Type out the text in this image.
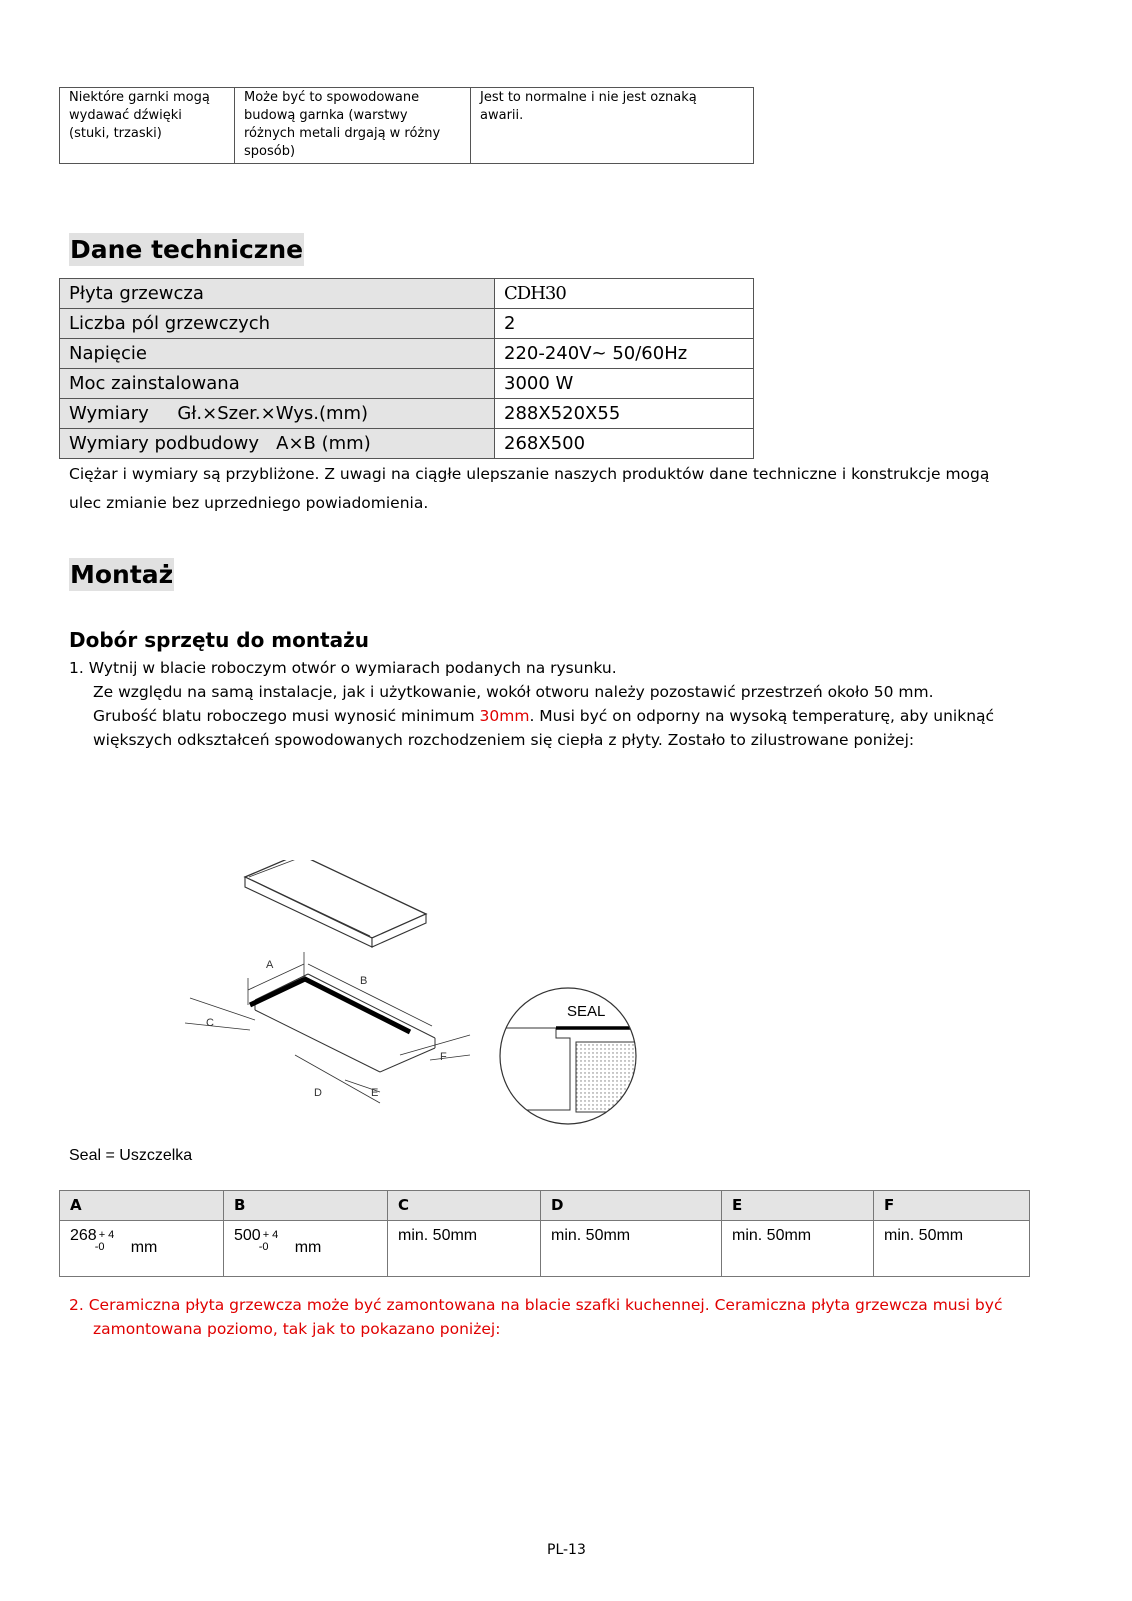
Niektóre garnki mogą
wydawać dźwięki
(stuki, trzaski)

Może być to spowodowane
budową garnka (warstwy
różnych metali drgają w różny
sposób)

Jest to normalne i nie jest oznaką
awarii.
Dane techniczne
Płyta grzewcza	CDH30
Liczba pól grzewczych	2
Napięcie	220-240V~ 50/60Hz
Moc zainstalowana	3000 W
Wymiary     Gł.×Szer.×Wys.(mm)	288X520X55
Wymiary podbudowy   A×B (mm)	268X500
Ciężar i wymiary są przybliżone. Z uwagi na ciągłe ulepszanie naszych produktów dane techniczne i konstrukcje mogą
ulec zmianie bez uprzedniego powiadomienia.
Montaż
Dobór sprzętu do montażu
1. Wytnij w blacie roboczym otwór o wymiarach podanych na rysunku.
Ze względu na samą instalacje, jak i użytkowanie, wokół otworu należy pozostawić przestrzeń około 50 mm.
Grubość blatu roboczego musi wynosić minimum 30mm. Musi być on odporny na wysoką temperaturę, aby uniknąć
większych odkształceń spowodowanych rozchodzeniem się ciepła z płyty. Zostało to zilustrowane poniżej:
A
B
C
D	E
F
SEAL
Seal = Uszczelka
A	B	C	D	E	F
268 + 4
-0 mm	500 + 4
-0 mm	min. 50mm	min. 50mm	min. 50mm	min. 50mm
2. Ceramiczna płyta grzewcza może być zamontowana na blacie szafki kuchennej. Ceramiczna płyta grzewcza musi być
zamontowana poziomo, tak jak to pokazano poniżej:
PL-13
